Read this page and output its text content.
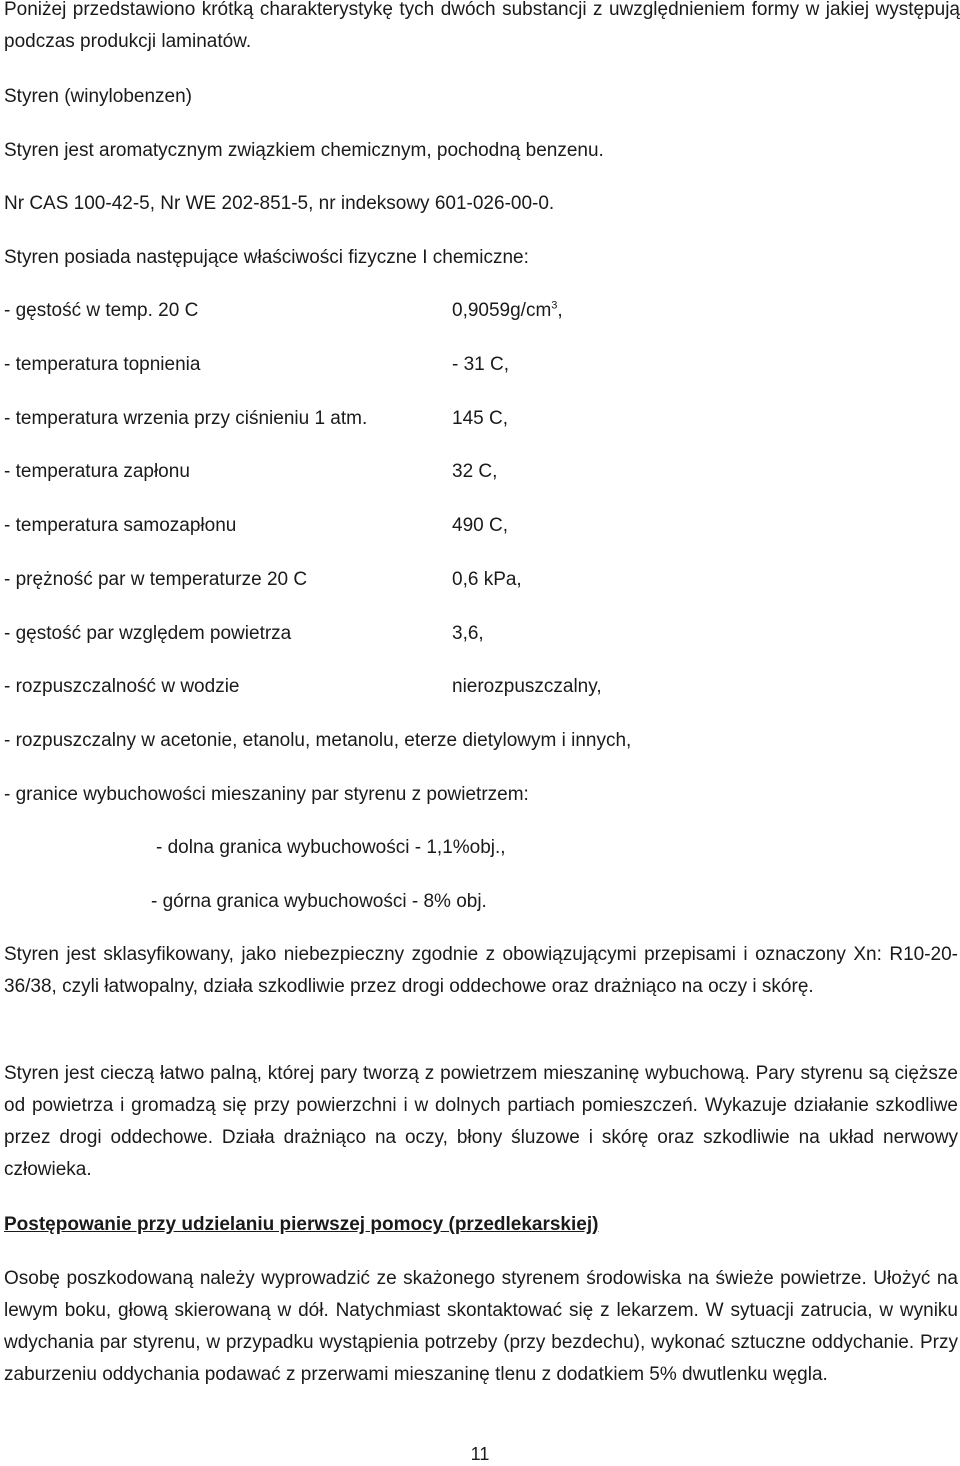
Poniżej przedstawiono krótką charakterystykę tych dwóch substancji z uwzględnieniem formy w jakiej występują podczas produkcji laminatów.

Styren (winylobenzen)
Styren jest aromatycznym związkiem chemicznym, pochodną benzenu.
Nr CAS 100-42-5, Nr WE 202-851-5, nr indeksowy 601-026-00-0.
Styren posiada następujące właściwości fizyczne I chemiczne:
- gęstość w temp. 20 C	$0,9059g/cm^3$,
- temperatura topnienia	- 31 C,
- temperatura wrzenia przy ciśnieniu 1 atm.	145 C,
- temperatura zapłonu	32 C,
- temperatura samozapłonu	490 C,
- prężność par w temperaturze 20 C	0,6 kPa,
- gęstość par względem powietrza	3,6,
- rozpuszczalność w wodzie	nierozpuszczalny,
- rozpuszczalny w acetonie, etanolu, metanolu, eterze dietylowym i innych,
- granice wybuchowości mieszaniny par styrenu z powietrzem:
- dolna granica wybuchowości - 1,1%obj.,
- górna granica wybuchowości - 8% obj.

Styren jest sklasyfikowany, jako niebezpieczny zgodnie z obowiązującymi przepisami i oznaczony Xn: R10-20-36/38, czyli łatwopalny, działa szkodliwie przez drogi oddechowe oraz drażniąco na oczy i skórę.

Styren jest cieczą łatwo palną, której pary tworzą z powietrzem mieszaninę wybuchową. Pary styrenu są cięższe od powietrza i gromadzą się przy powierzchni i w dolnych partiach pomieszczeń. Wykazuje działanie szkodliwe przez drogi oddechowe. Działa drażniąco na oczy, błony śluzowe i skórę oraz szkodliwie na układ nerwowy człowieka.

Postępowanie przy udzielaniu pierwszej pomocy (przedlekarskiej)

Osobę poszkodowaną należy wyprowadzić ze skażonego styrenem środowiska na świeże powietrze. Ułożyć na lewym boku, głową skierowaną w dół. Natychmiast skontaktować się z lekarzem. W sytuacji zatrucia, w wyniku wdychania par styrenu, w przypadku wystąpienia potrzeby (przy bezdechu), wykonać sztuczne oddychanie. Przy zaburzeniu oddychania podawać z przerwami mieszaninę tlenu z dodatkiem 5% dwutlenku węgla.

11
